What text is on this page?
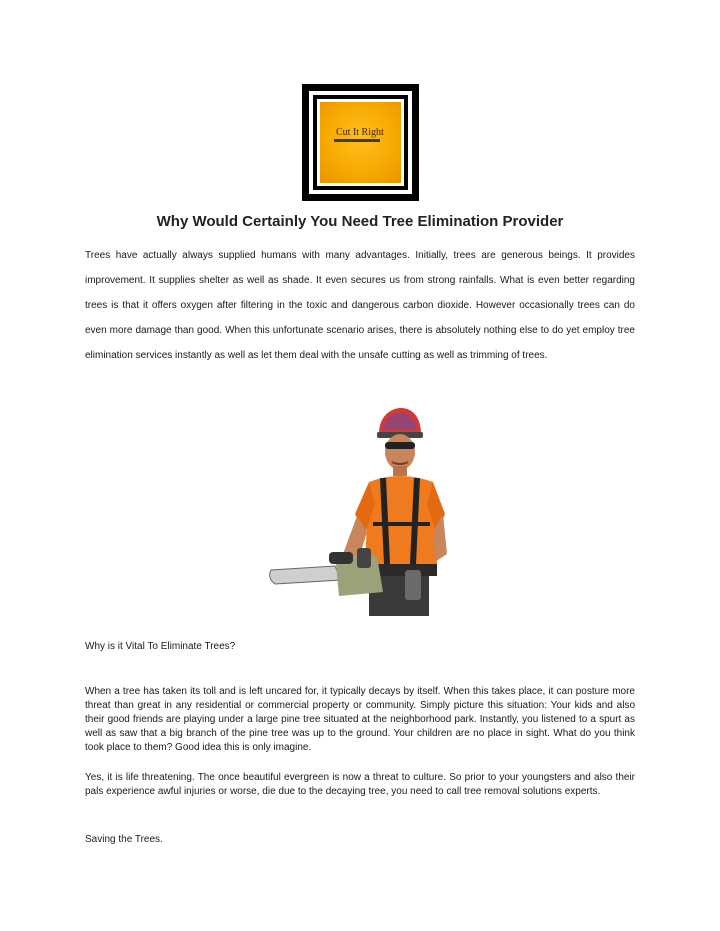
Cut It Right
Why Would Certainly You Need Tree Elimination Provider
Trees have actually always supplied humans with many advantages. Initially, trees are generous beings. It provides improvement. It supplies shelter as well as shade. It even secures us from strong rainfalls. What is even better regarding trees is that it offers oxygen after filtering in the toxic and dangerous carbon dioxide. However occasionally trees can do even more damage than good. When this unfortunate scenario arises, there is absolutely nothing else to do yet employ tree elimination services instantly as well as let them deal with the unsafe cutting as well as trimming of trees.
Why is it Vital To Eliminate Trees?
When a tree has taken its toll and is left uncared for, it typically decays by itself. When this takes place, it can posture more threat than great in any residential or commercial property or community. Simply picture this situation: Your kids and also their good friends are playing under a large pine tree situated at the neighborhood park. Instantly, you listened to a spurt as well as saw that a big branch of the pine tree was up to the ground. Your children are no place in sight. What do you think took place to them? Good idea this is only imagine.
Yes, it is life threatening. The once beautiful evergreen is now a threat to culture. So prior to your youngsters and also their pals experience awful injuries or worse, die due to the decaying tree, you need to call tree removal solutions experts.
Saving the Trees.
